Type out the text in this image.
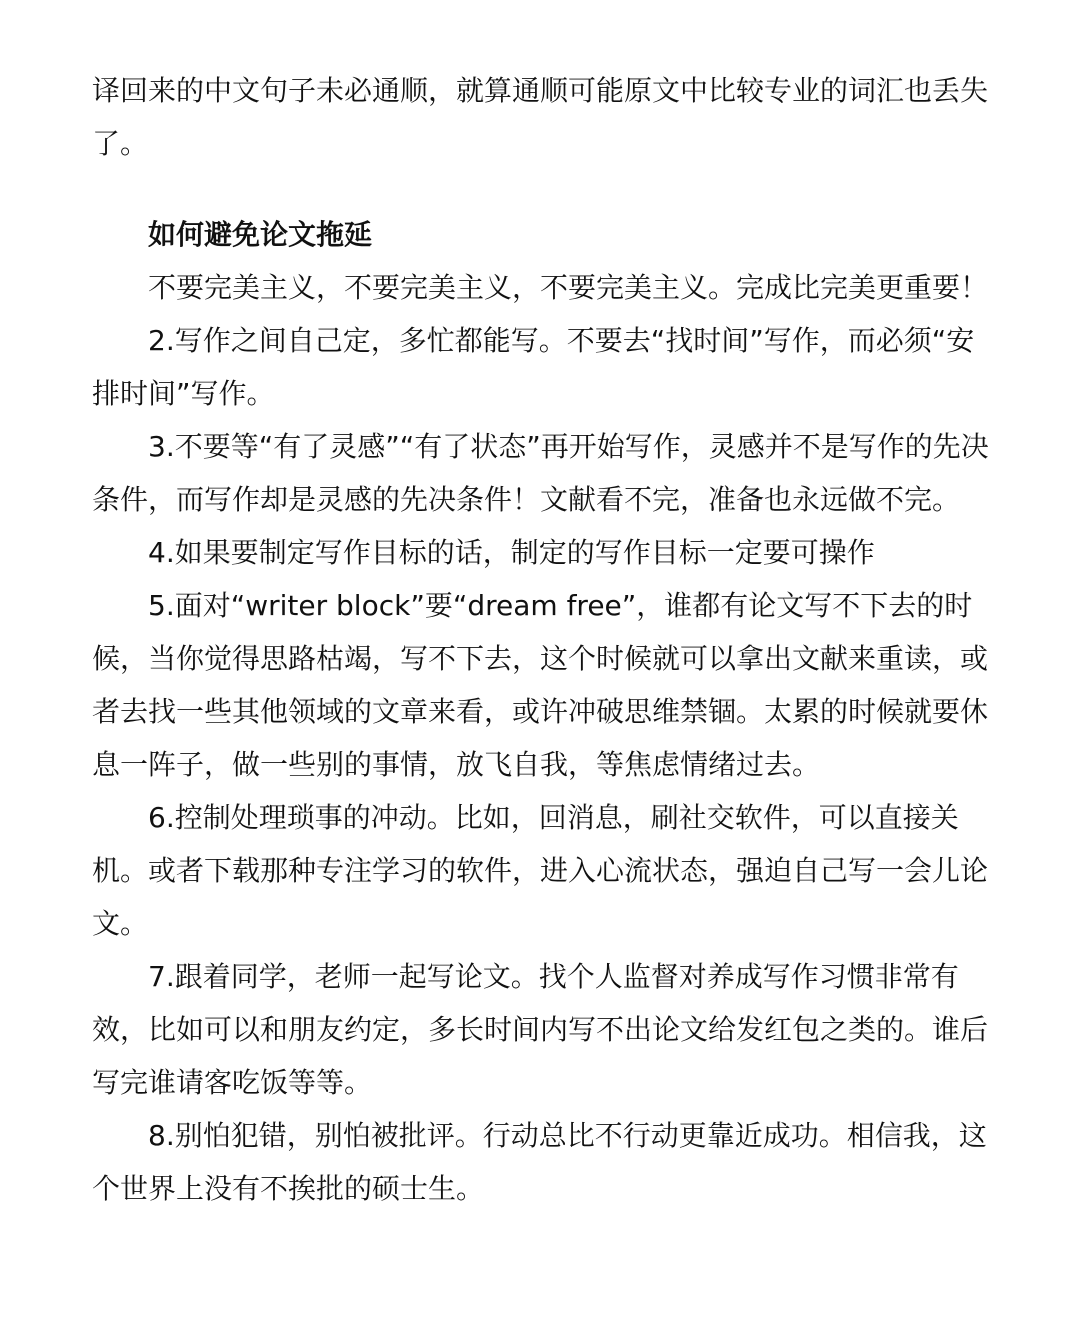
译回来的中文句子未必通顺，就算通顺可能原文中比较专业的词汇也丢失了。

如何避免论文拖延

不要完美主义，不要完美主义，不要完美主义。完成比完美更重要！

2.写作之间自己定，多忙都能写。不要去“找时间”写作，而必须“安排时间”写作。

3.不要等“有了灵感”“有了状态”再开始写作，灵感并不是写作的先决条件，而写作却是灵感的先决条件！文献看不完，准备也永远做不完。

4.如果要制定写作目标的话，制定的写作目标一定要可操作

5.面对“writer block”要“dream free”，谁都有论文写不下去的时候，当你觉得思路枯竭，写不下去，这个时候就可以拿出文献来重读，或者去找一些其他领域的文章来看，或许冲破思维禁锢。太累的时候就要休息一阵子，做一些别的事情，放飞自我，等焦虑情绪过去。

6.控制处理琐事的冲动。比如，回消息，刷社交软件，可以直接关机。或者下载那种专注学习的软件，进入心流状态，强迫自己写一会儿论文。

7.跟着同学，老师一起写论文。找个人监督对养成写作习惯非常有效，比如可以和朋友约定，多长时间内写不出论文给发红包之类的。谁后写完谁请客吃饭等等。

8.别怕犯错，别怕被批评。行动总比不行动更靠近成功。相信我，这个世界上没有不挨批的硕士生。
